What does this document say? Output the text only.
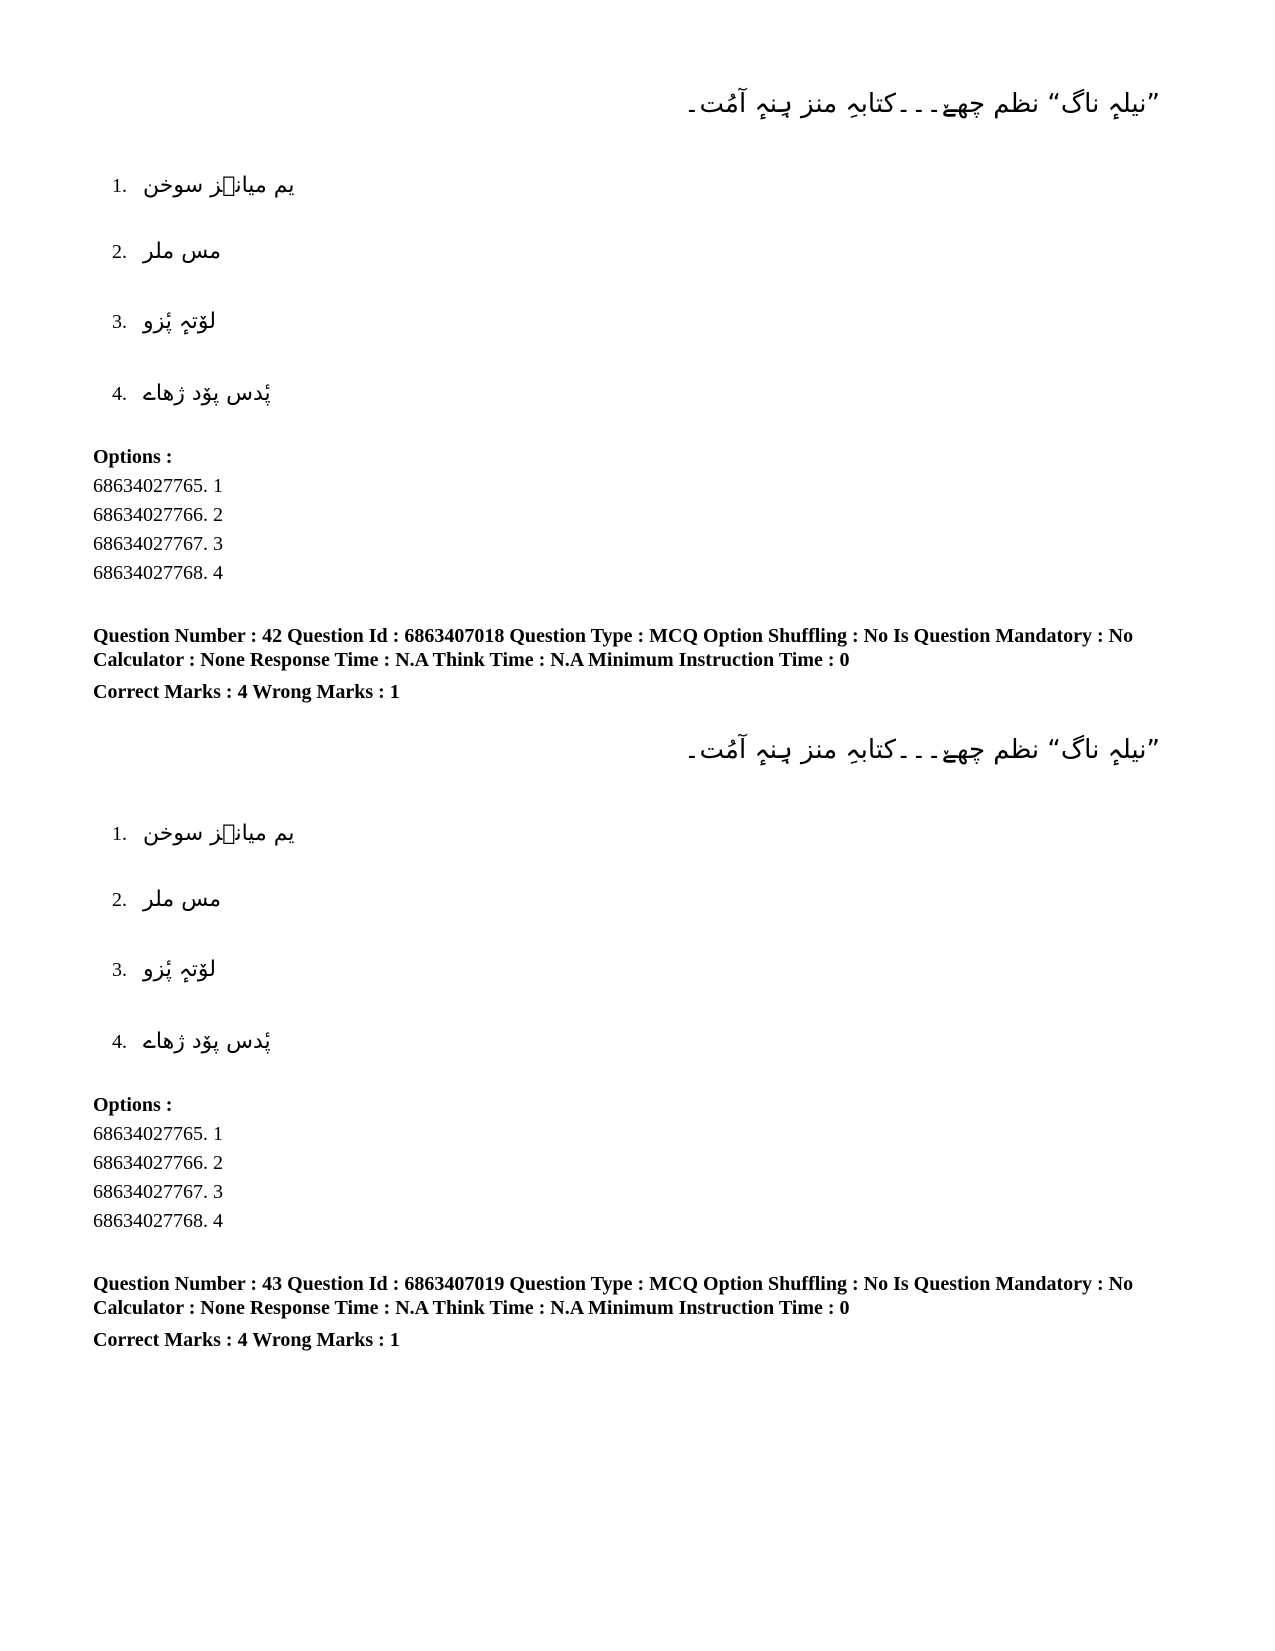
”نیلہٕ ناگ“ نظم چھےٚ۔۔۔کتابہِ منز ہِنہٕ آمُت۔
1. یم میانٛز سوخن
2. مس ملر
3. لوٚتہٕ پٔزو
4. پٔدس پوٚد ژھاے
Options :
68634027765. 1
68634027766. 2
68634027767. 3
68634027768. 4
Question Number : 42 Question Id : 6863407018 Question Type : MCQ Option Shuffling : No Is Question Mandatory : No Calculator : None Response Time : N.A Think Time : N.A Minimum Instruction Time : 0
Correct Marks : 4 Wrong Marks : 1
”نیلہٕ ناگ“ نظم چھےٚ۔۔۔کتابہِ منز ہِنہٕ آمُت۔
1. یم میانٛز سوخن
2. مس ملر
3. لوٚتہٕ پٔزو
4. پٔدس پوٚد ژھاے
Options :
68634027765. 1
68634027766. 2
68634027767. 3
68634027768. 4
Question Number : 43 Question Id : 6863407019 Question Type : MCQ Option Shuffling : No Is Question Mandatory : No Calculator : None Response Time : N.A Think Time : N.A Minimum Instruction Time : 0
Correct Marks : 4 Wrong Marks : 1
